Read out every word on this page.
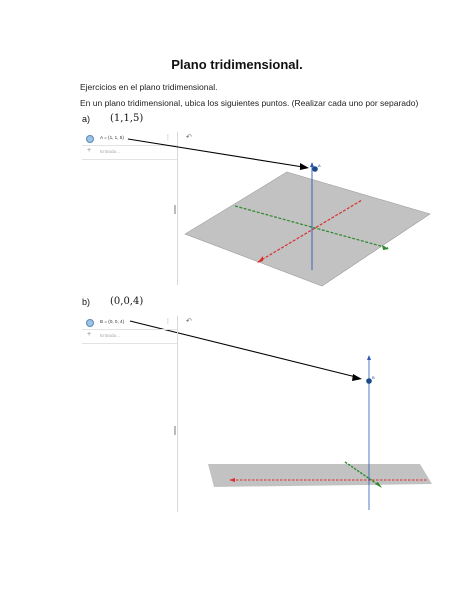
Plano tridimensional.
Ejercicios en el plano tridimensional.
En un plano tridimensional, ubica los siguientes puntos. (Realizar cada uno por separado)
a) (1,1,5)
A = (1, 1, 5)	⋮
+ Entrada...
↶
A
B
b) (0,0,4)
B = (0, 0, 4)	⋮
+ Entrada...
↶
